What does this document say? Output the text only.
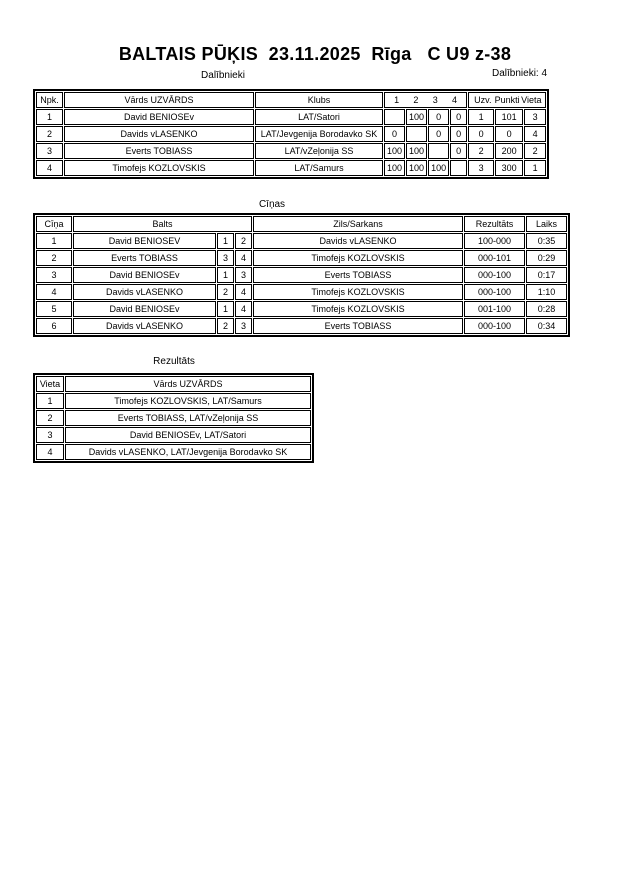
BALTAIS PŪĶIS  23.11.2025  Rīga   C U9 z-38
Dalībnieki	Dalībnieki: 4
Npk.	Vārds UZVĀRDS	Klubs	1 2 3 4				Uzv. Punkti Vieta		

1	David BENIOSEv	LAT/Satori		100	0	0	1	101	3
2	Davids vLASENKO	LAT/Jevgenija Borodavko SK	0		0	0	0	0	4
3	Everts TOBIASS	LAT/vZeļonija SS	100	100		0	2	200	2
4	Timofejs KOZLOVSKIS	LAT/Samurs	100	100	100		3	300	1
Cīņas
Cīņa	Balts			Zils/Sarkans	Rezultāts	Laiks
1	David BENIOSEV	1	2	Davids vLASENKO	100-000	0:35
2	Everts TOBIASS	3	4	Timofejs KOZLOVSKIS	000-101	0:29
3	David BENIOSEv	1	3	Everts TOBIASS	000-100	0:17
4	Davids vLASENKO	2	4	Timofejs KOZLOVSKIS	000-100	1:10
5	David BENIOSEv	1	4	Timofejs KOZLOVSKIS	001-100	0:28
6	Davids vLASENKO	2	3	Everts TOBIASS	000-100	0:34
Rezultāts
Vieta	Vārds UZVĀRDS
1	Timofejs KOZLOVSKIS, LAT/Samurs
2	Everts TOBIASS, LAT/vZeļonija SS
3	David BENIOSEv, LAT/Satori
4	Davids vLASENKO, LAT/Jevgenija Borodavko SK
